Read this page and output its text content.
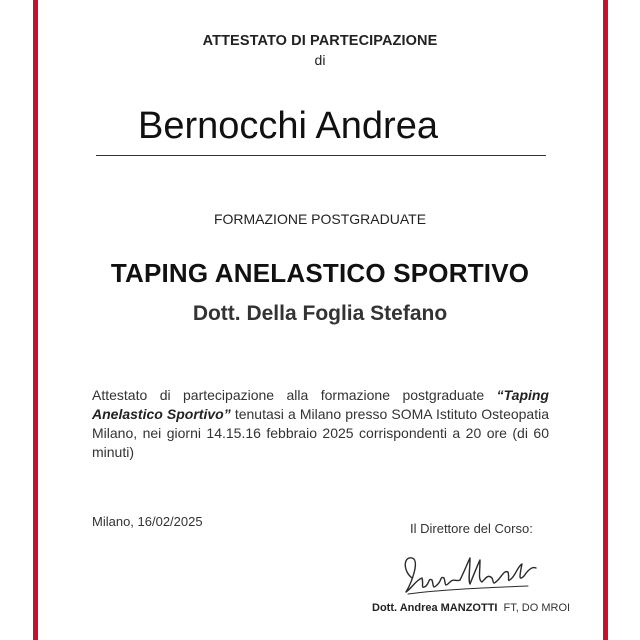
ATTESTATO DI PARTECIPAZIONE
di
Bernocchi Andrea
FORMAZIONE POSTGRADUATE
TAPING ANELASTICO SPORTIVO
Dott. Della Foglia Stefano
Attestato di partecipazione alla formazione postgraduate “Taping Anelastico Sportivo” tenutasi a Milano presso SOMA Istituto Osteopatia Milano, nei giorni 14.15.16 febbraio 2025 corrispondenti a 20 ore (di 60 minuti)
Milano, 16/02/2025	Il Direttore del Corso:
Dott. Andrea MANZOTTI FT, DO MROI
